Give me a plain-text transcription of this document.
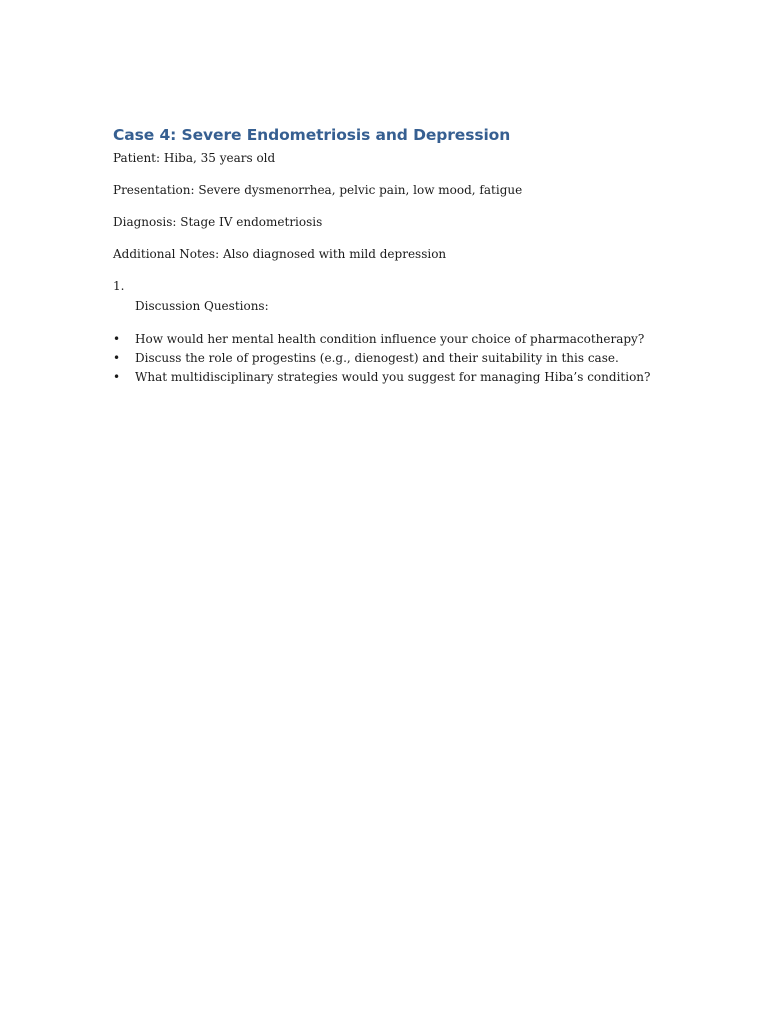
Case 4: Severe Endometriosis and Depression

Patient: Hiba, 35 years old

Presentation: Severe dysmenorrhea, pelvic pain, low mood, fatigue

Diagnosis: Stage IV endometriosis

Additional Notes: Also diagnosed with mild depression

1.
Discussion Questions:
• How would her mental health condition influence your choice of pharmacotherapy?
• Discuss the role of progestins (e.g., dienogest) and their suitability in this case.
• What multidisciplinary strategies would you suggest for managing Hiba’s condition?
